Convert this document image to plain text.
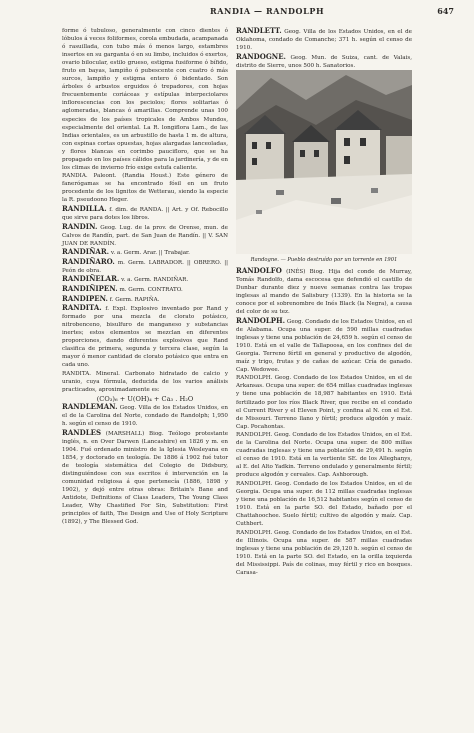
RANDIA — RANDOLPH	647

forme ó tubuloso, generalmente con cinco dientes ó lóbulos á veces foliformes, corola embudada, acampanada ó rasuillada, con tubo más ó menos largo, estambres insertos en su garganta ó en su limbo, incluidos ó exertos, ovario bilocular, estilo grueso, estigma fusiforme ó bífido, fruto en bayas, lampiño ó pubescente con cuatro ó más surcos, lampiño y estigma entero ó bidentado. Son árboles ó arbustos erguidos ó trepadores, con hojas frecuentemente coriáceas y estípulas interpeciolares inflorescencias con los peciolos; flores solitarias ó aglomeradas, blancas ó amarillas. Comprende unas 100 especies de los países tropicales de Ambos Mundos, especialmente del oriental. La R. longiflora Lam., de las Indias orientales, es un arbustillo de hasta 1 m. de altura, con espinas cortas opuestas, hojas alargadas lanceoladas, y flores blancas en corimbo paucifloro, que se ha propagado en los países cálidos para la jardinería, y de en los climas de invierno frío exige estufa caliente.

RANDIA. Paleont. (Randia Houst.) Este género de fanerógamas se ha encontrado fósil en un fruto procedente de los lignitos de Wetterau, siendo la especie la R. pseudoono Heger.

RANDILLA. f. dim. de RANDA. || Art. y Of. Rebocillo que sirve para dotes los libros.

RANDIN. Geog. Lug. de la prov. de Orense, mun. de Calvos de Randín, part. de San Juan de Randín. || V. SAN JUAN DE RANDÍN.

RANDIÑAR. v. a. Germ. Arar. || Trabajar.

RANDIÑARO. m. Germ. LABRADOR. || OBRERO. || Peón de obra.

RANDIÑELAR. v. a. Germ. RANDIÑAR.

RANDIÑIPEN. m. Germ. CONTRATO.

RANDIPEN. f. Germ. RAPIÑA.

RANDITA. f. Expl. Explosivo inventado por Rand y formado por una mezcla de clorato potásico, nitrobenceno, bisulfuro de manganeso y substancias inertes; estos elementos se mezclan en diferentes proporciones, dando diferentes explosivos que Rand clasifica de primera, segunda y tercera clase, según la mayor ó menor cantidad de clorato potásico que entra en cada uno.

RANDITA. Mineral. Carbonato hidratado de calcio y uranio, cuya fórmula, deducida de los varios análisis practicados, aproximadamente es:

(CO₃)₆ + U(OH)₄ + Ca₃ . H₂O

RANDLEMAN. Geog. Villa de los Estados Unidos, en el de la Carolina del Norte, condado de Randolph; 1,950 h. según el censo de 1910.

RANDLES (MARSHALL) Biog. Teólogo protestante inglés, n. en Over Darwen (Lancashire) en 1826 y m. en 1904. Fué ordenado ministro de la Iglesia Wesleyana en 1854, y doctorado en teología. De 1886 á 1902 fué tutor de teología sistemática del Colegio de Didsbury, distinguiéndose con sus escritos é intervención en la comunidad religiosa á que pertenecía (1886, 1898 y 1902), y dejó entre otras obras: Britain's Bane and Antidote, Definitions of Class Leaders, The Young Class Leader, Why Chastified For Sin, Substitution: First principles of faith, The Design and Use of Holy Scripture (1892), y The Blessed God.

RANDLETT. Geog. Villa de los Estados Unidos, en el de Oklahoma, condado de Comanche; 371 h. según el censo de 1910.

RANDOGNE. Geog. Mun. de Suiza, cant. de Valais, distrito de Sierre, unos 500 h. Sanatorios.

Randogne. — Pueblo destruído por un torrente en 1901

RANDOLFO (INÉS) Biog. Hija del conde de Murray, Tomás Randolfo, dama escocesa que defendió el castillo de Dunbar durante diez y nueve semanas contra las tropas inglesas al mando de Salisbury (1339). En la historia se la conoce por el sobrenombre de Inés Black (la Negra), a causa del color de su tez.

RANDOLPH. Geog. Condado de los Estados Unidos, en el de Alabama. Ocupa una super. de 590 millas cuadradas inglesas y tiene una población de 24,659 h. según el censo de 1910. Está en el valle de Tallapoosa, en los confines del de Georgia. Terreno fértil en general y productivo de algodón, maíz y trigo, frutas y de cañas de azúcar. Cría de ganado. Cap. Wedowee.

RANDOLPH. Geog. Condado de los Estados Unidos, en el de Arkansas. Ocupa una super. de 654 millas cuadradas inglesas y tiene una población de 18,987 habitantes en 1910. Está fertilizado por los ríos Black River, que recibe en el condado el Current River y el Eleven Point, y confina al N. con el Est. de Missouri. Terreno llano y fértil; produce algodón y maíz. Cap. Pocahontas.

RANDOLPH. Geog. Condado de los Estados Unidos, en el Est. de la Carolina del Norte. Ocupa una super. de 800 millas cuadradas inglesas y tiene una población de 29,491 h. según el censo de 1910. Está en la vertiente SE. de los Alleghanys, al E. del Alto Yadkin. Terreno ondulado y generalmente fértil; produce algodón y cereales. Cap. Ashborough.

RANDOLPH. Geog. Condado de los Estados Unidos, en el de Georgia. Ocupa una super. de 112 millas cuadradas inglesas y tiene una población de 16,512 habitantes según el censo de 1910. Está en la parte SO. del Estado, bañado por el Chattahoochee. Suelo fértil; cultivo de algodón y maíz. Cap. Cuthbert.

RANDOLPH. Geog. Condado de los Estados Unidos, en el Est. de Illinois. Ocupa una super. de 587 millas cuadradas inglesas y tiene una población de 29,120 h. según el censo de 1910. Está en la parte SO. del Estado, en la orilla izquierda del Mississippi. País de colinas, muy fértil y rico en bosques. Carasa-
